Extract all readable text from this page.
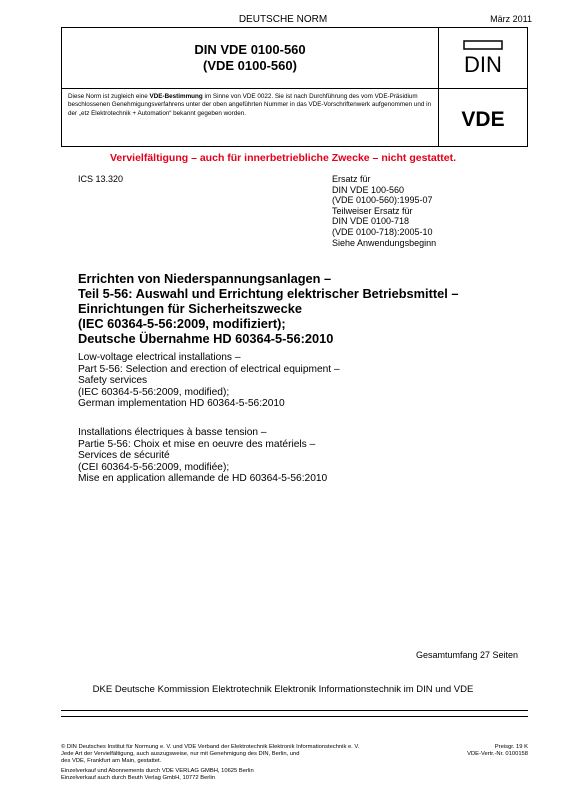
DEUTSCHE NORM	März 2011
DIN VDE 0100-560
(VDE 0100-560)	DIN
Diese Norm ist zugleich eine VDE-Bestimmung im Sinne von VDE 0022. Sie ist nach Durchführung des vom VDE-Präsidium beschlossenen Genehmigungsverfahrens unter der oben angeführten Nummer in das VDE-Vorschriftenwerk aufgenommen und in der „etz Elektrotechnik + Automation“ bekannt gegeben worden.	VDE
Vervielfältigung – auch für innerbetriebliche Zwecke – nicht gestattet.
ICS 13.320	Ersatz für
DIN VDE 100-560
(VDE 0100-560):1995-07
Teilweiser Ersatz für
DIN VDE 0100-718
(VDE 0100-718):2005-10
Siehe Anwendungsbeginn
Errichten von Niederspannungsanlagen –
Teil 5-56: Auswahl und Errichtung elektrischer Betriebsmittel –
Einrichtungen für Sicherheitszwecke
(IEC 60364-5-56:2009, modifiziert);
Deutsche Übernahme HD 60364-5-56:2010
Low-voltage electrical installations –
Part 5-56: Selection and erection of electrical equipment –
Safety services
(IEC 60364-5-56:2009, modified);
German implementation HD 60364-5-56:2010
Installations électriques à basse tension –
Partie 5-56: Choix et mise en oeuvre des matériels –
Services de sécurité
(CEI 60364-5-56:2009, modifiée);
Mise en application allemande de HD 60364-5-56:2010
Gesamtumfang 27 Seiten
DKE Deutsche Kommission Elektrotechnik Elektronik Informationstechnik im DIN und VDE
© DIN Deutsches Institut für Normung e. V. und VDE Verband der Elektrotechnik Elektronik Informationstechnik e. V.
Jede Art der Vervielfältigung, auch auszugsweise, nur mit Genehmigung des DIN, Berlin, und
des VDE, Frankfurt am Main, gestattet.
Preisgr. 19 K
VDE-Vertr.-Nr. 0100158
Einzelverkauf und Abonnements durch VDE VERLAG GMBH, 10625 Berlin
Einzelverkauf auch durch Beuth Verlag GmbH, 10772 Berlin
